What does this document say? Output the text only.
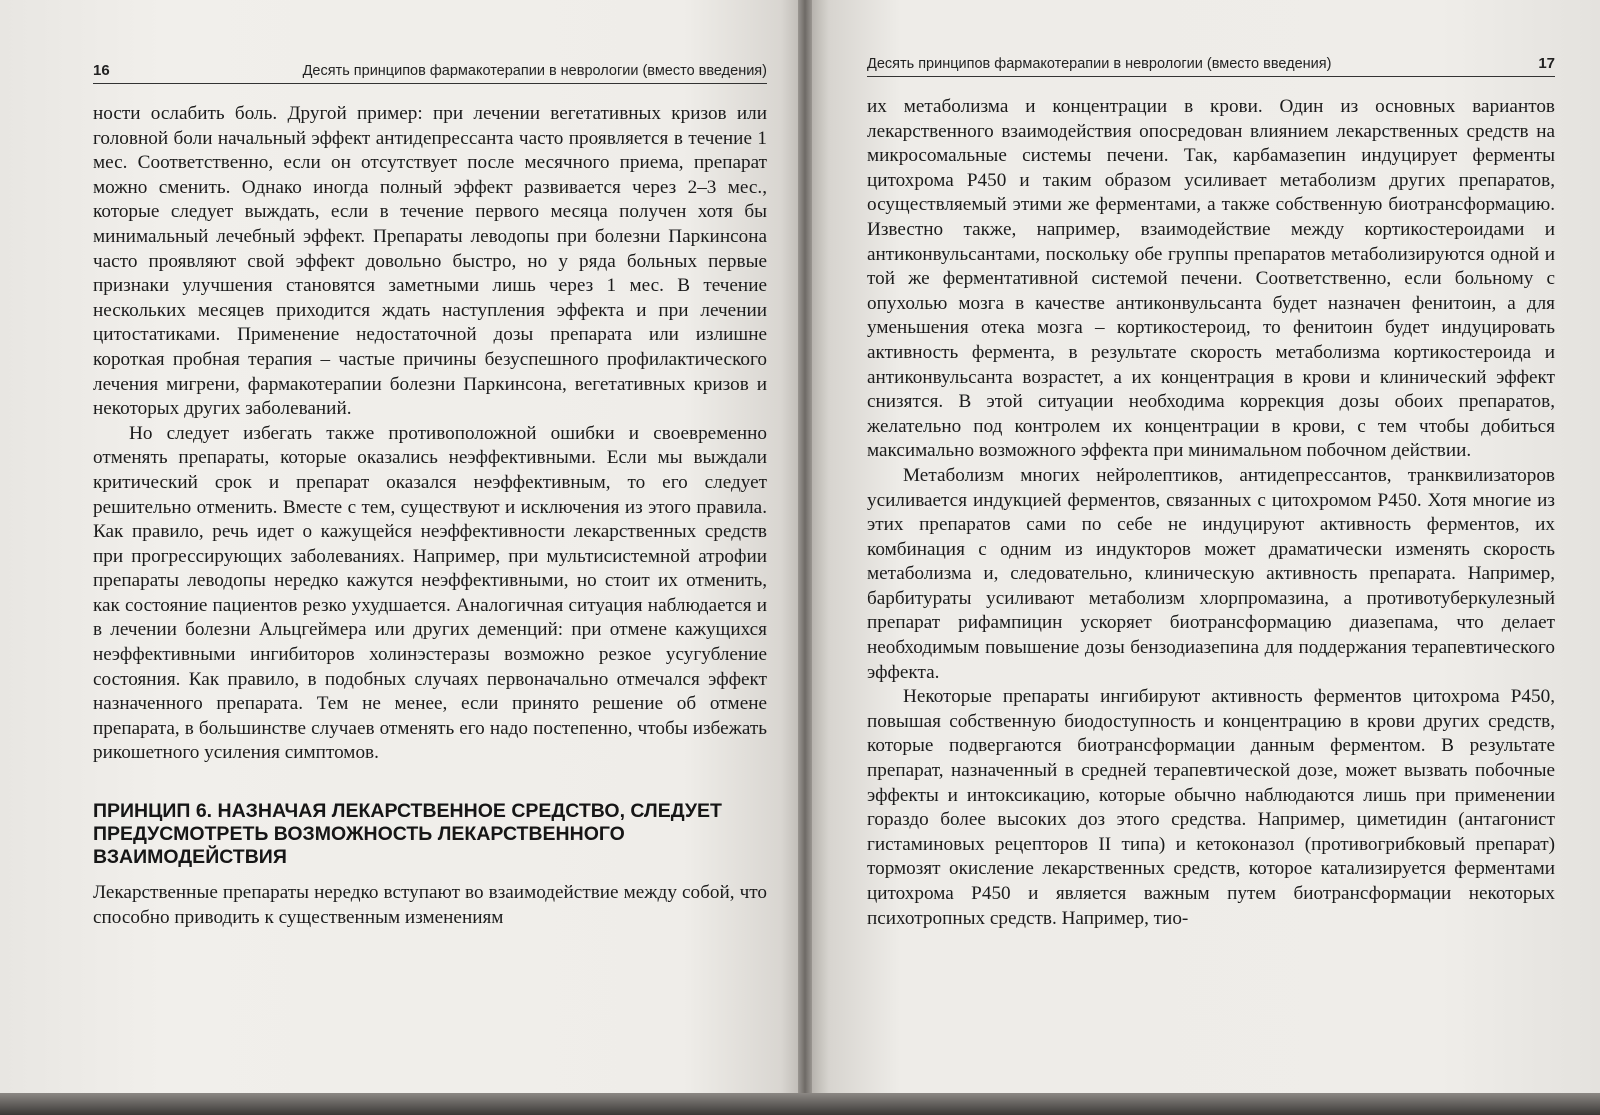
16	Десять принципов фармакотерапии в неврологии (вместо введения)

ности ослабить боль. Другой пример: при лечении вегетативных кризов или головной боли начальный эффект антидепрессанта часто проявляется в течение 1 мес. Соответственно, если он отсутствует после месячного приема, препарат можно сменить. Однако иногда полный эффект развивается через 2–3 мес., которые следует выждать, если в течение первого месяца получен хотя бы минимальный лечебный эффект. Препараты леводопы при болезни Паркинсона часто проявляют свой эффект довольно быстро, но у ряда больных первые признаки улучшения становятся заметными лишь через 1 мес. В течение нескольких месяцев приходится ждать наступления эффекта и при лечении цитостатиками. Применение недостаточной дозы препарата или излишне короткая пробная терапия – частые причины безуспешного профилактического лечения мигрени, фармакотерапии болезни Паркинсона, вегетативных кризов и некоторых других заболеваний.

Но следует избегать также противоположной ошибки и своевременно отменять препараты, которые оказались неэффективными. Если мы выждали критический срок и препарат оказался неэффективным, то его следует решительно отменить. Вместе с тем, существуют и исключения из этого правила. Как правило, речь идет о кажущейся неэффективности лекарственных средств при прогрессирующих заболеваниях. Например, при мультисистемной атрофии препараты леводопы нередко кажутся неэффективными, но стоит их отменить, как состояние пациентов резко ухудшается. Аналогичная ситуация наблюдается и в лечении болезни Альцгеймера или других деменций: при отмене кажущихся неэффективными ингибиторов холинэстеразы возможно резкое усугубление состояния. Как правило, в подобных случаях первоначально отмечался эффект назначенного препарата. Тем не менее, если принято решение об отмене препарата, в большинстве случаев отменять его надо постепенно, чтобы избежать рикошетного усиления симптомов.

ПРИНЦИП 6. НАЗНАЧАЯ ЛЕКАРСТВЕННОЕ СРЕДСТВО, СЛЕДУЕТ ПРЕДУСМОТРЕТЬ ВОЗМОЖНОСТЬ ЛЕКАРСТВЕННОГО ВЗАИМОДЕЙСТВИЯ

Лекарственные препараты нередко вступают во взаимодействие между собой, что способно приводить к существенным изменениям

Десять принципов фармакотерапии в неврологии (вместо введения)	17

их метаболизма и концентрации в крови. Один из основных вариантов лекарственного взаимодействия опосредован влиянием лекарственных средств на микросомальные системы печени. Так, карбамазепин индуцирует ферменты цитохрома P450 и таким образом усиливает метаболизм других препаратов, осуществляемый этими же ферментами, а также собственную биотрансформацию. Известно также, например, взаимодействие между кортикостероидами и антиконвульсантами, поскольку обе группы препаратов метаболизируются одной и той же ферментативной системой печени. Соответственно, если больному с опухолью мозга в качестве антиконвульсанта будет назначен фенитоин, а для уменьшения отека мозга – кортикостероид, то фенитоин будет индуцировать активность фермента, в результате скорость метаболизма кортикостероида и антиконвульсанта возрастет, а их концентрация в крови и клинический эффект снизятся. В этой ситуации необходима коррекция дозы обоих препаратов, желательно под контролем их концентрации в крови, с тем чтобы добиться максимально возможного эффекта при минимальном побочном действии.

Метаболизм многих нейролептиков, антидепрессантов, транквилизаторов усиливается индукцией ферментов, связанных с цитохромом P450. Хотя многие из этих препаратов сами по себе не индуцируют активность ферментов, их комбинация с одним из индукторов может драматически изменять скорость метаболизма и, следовательно, клиническую активность препарата. Например, барбитураты усиливают метаболизм хлорпромазина, а противотуберкулезный препарат рифампицин ускоряет биотрансформацию диазепама, что делает необходимым повышение дозы бензодиазепина для поддержания терапевтического эффекта.

Некоторые препараты ингибируют активность ферментов цитохрома P450, повышая собственную биодоступность и концентрацию в крови других средств, которые подвергаются биотрансформации данным ферментом. В результате препарат, назначенный в средней терапевтической дозе, может вызвать побочные эффекты и интоксикацию, которые обычно наблюдаются лишь при применении гораздо более высоких доз этого средства. Например, циметидин (антагонист гистаминовых рецепторов II типа) и кетоконазол (противогрибковый препарат) тормозят окисление лекарственных средств, которое катализируется ферментами цитохрома P450 и является важным путем биотрансформации некоторых психотропных средств. Например, тио-
